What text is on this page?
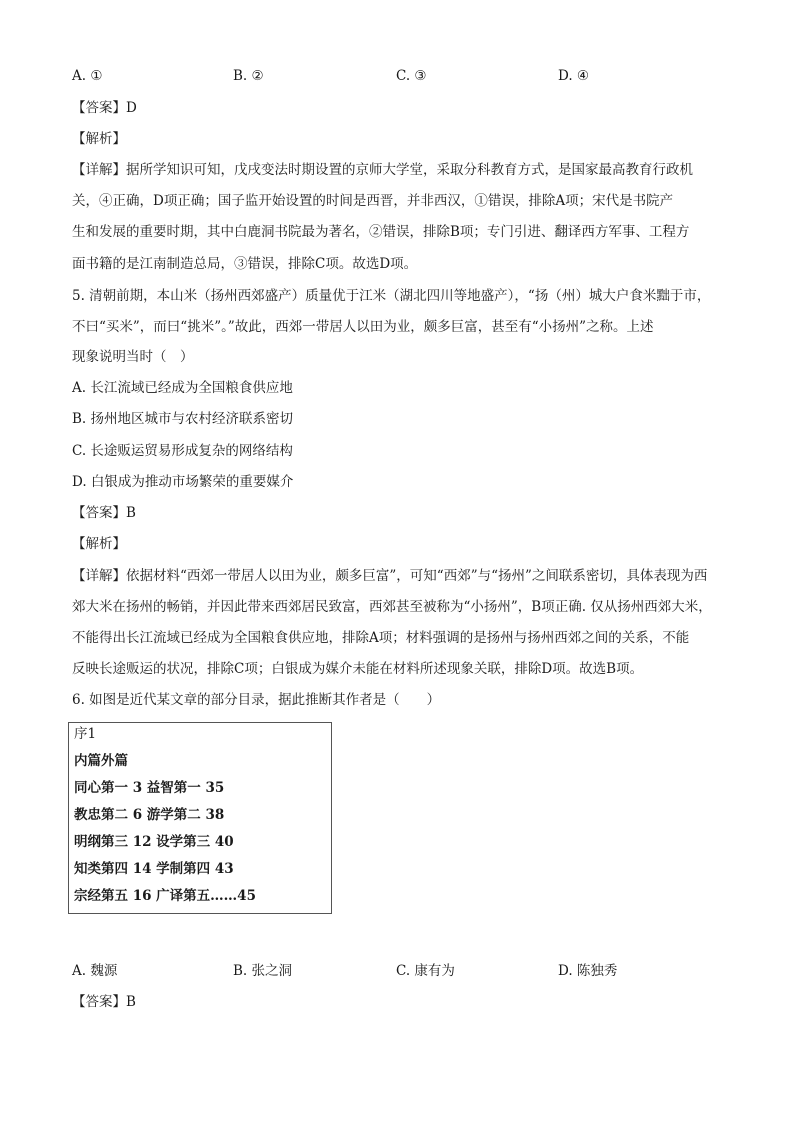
A. ①	B. ②	C. ③	D. ④
【答案】D
【解析】
【详解】据所学知识可知，戊戌变法时期设置的京师大学堂，采取分科教育方式，是国家最高教育行政机
关，④正确，D项正确；国子监开始设置的时间是西晋，并非西汉，①错误，排除A项；宋代是书院产
生和发展的重要时期，其中白鹿洞书院最为著名，②错误，排除B项；专门引进、翻译西方军事、工程方
面书籍的是江南制造总局，③错误，排除C项。故选D项。
5. 清朝前期，本山米（扬州西郊盛产）质量优于江米（湖北四川等地盛产），“扬（州）城大户食米黜于市，
不曰“买米”，而曰“挑米”。”故此，西郊一带居人以田为业，颇多巨富，甚至有“小扬州”之称。上述
现象说明当时（　）
A. 长江流域已经成为全国粮食供应地
B. 扬州地区城市与农村经济联系密切
C. 长途贩运贸易形成复杂的网络结构
D. 白银成为推动市场繁荣的重要媒介
【答案】B
【解析】
【详解】依据材料“西郊一带居人以田为业，颇多巨富”，可知“西郊”与“扬州”之间联系密切，具体表现为西
郊大米在扬州的畅销，并因此带来西郊居民致富，西郊甚至被称为“小扬州”，B项正确. 仅从扬州西郊大米，
不能得出长江流域已经成为全国粮食供应地，排除A项；材料强调的是扬州与扬州西郊之间的关系，不能
反映长途贩运的状况，排除C项；白银成为媒介未能在材料所述现象关联，排除D项。故选B项。
6. 如图是近代某文章的部分目录，据此推断其作者是（　　）
序1
内篇外篇
同心第一 3 益智第一 35
教忠第二 6 游学第二 38
明纲第三 12 设学第三 40
知类第四 14 学制第四 43
宗经第五 16 广译第五……45
A. 魏源	B. 张之洞	C. 康有为	D. 陈独秀
【答案】B
